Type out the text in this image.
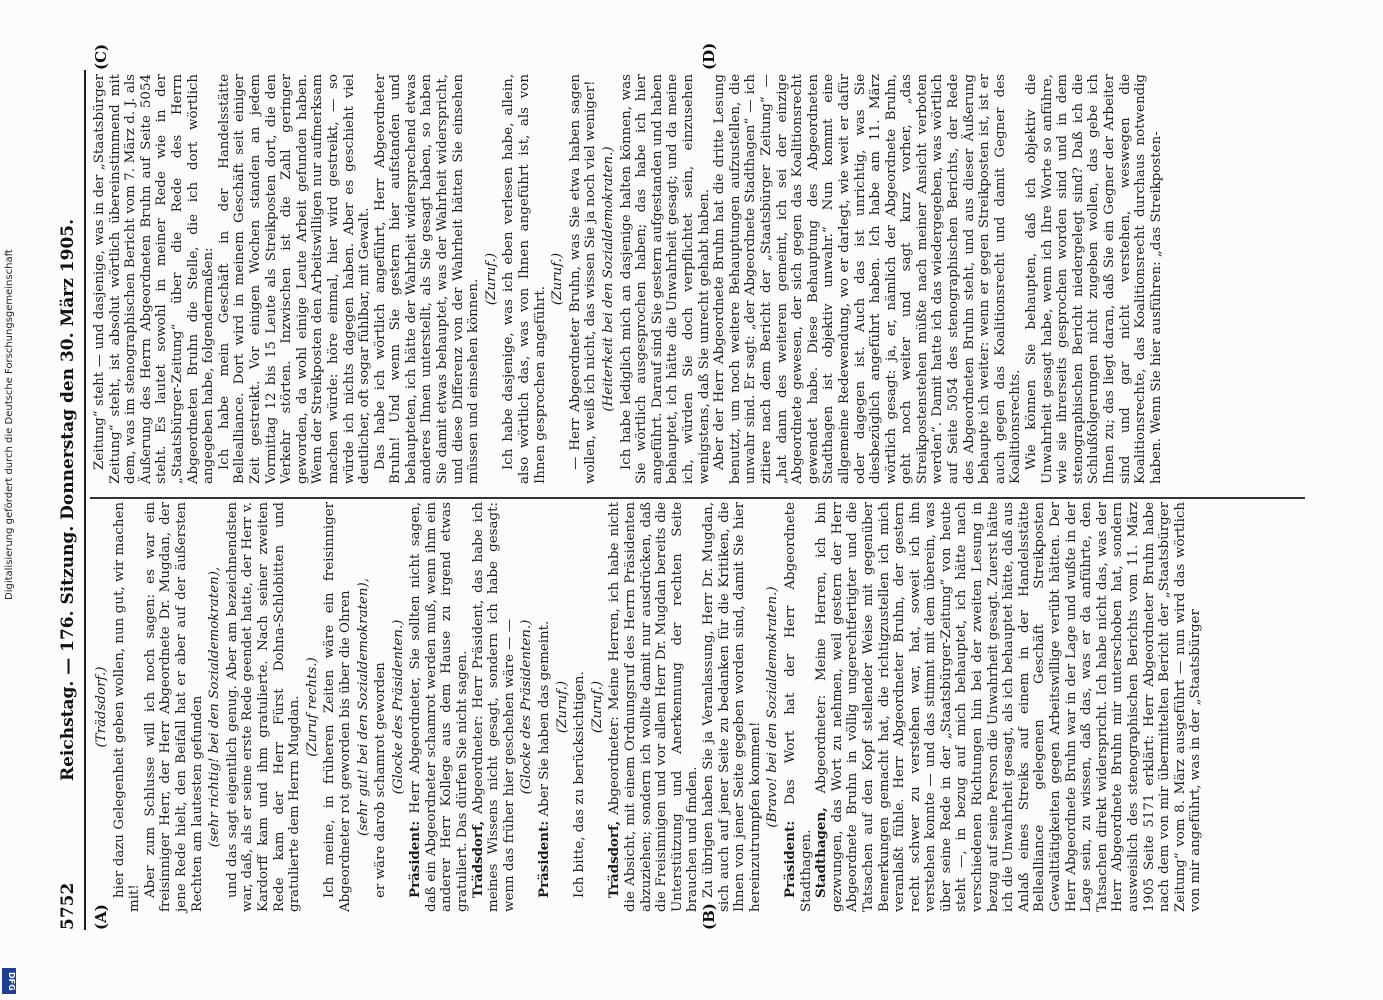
5752
Reichstag. — 176. Sitzung. Donnerstag den 30. März 1905.
(A)	(B)
(C)	(D)

(Trädsdorf.) hier dazu Gelegenheit geben wollen, nun gut, wir machen mit!

Aber zum Schlusse will ich noch sagen: es war ein freisinniger Herr, der Herr Abgeordnete Dr. Mugdan, der jene Rede hielt, den Beifall hat er aber auf der äußersten Rechten am lautesten gefunden (sehr richtig! bei den Sozialdemokraten), und das sagt eigentlich genug. Aber am bezeichnendsten war, daß, als er seine erste Rede geendet hatte, der Herr v. Kardorff kam und ihm gratulierte. Nach seiner zweiten Rede kam der Herr Fürst Dohna-Schlobitten und gratulierte dem Herrn Mugdan. (Zuruf rechts.) Ich meine, in früheren Zeiten wäre ein freisinniger Abgeordneter rot geworden bis über die Ohren (sehr gut! bei den Sozialdemokraten), er wäre darob schamrot geworden (Glocke des Präsidenten.)

Präsident: Herr Abgeordneter, Sie sollten nicht sagen, daß ein Abgeordneter schamrot werden muß, wenn ihm ein anderer Herr Kollege aus dem Hause zu irgend etwas gratuliert. Das dürfen Sie nicht sagen. Trädsdorf, Abgeordneter: Herr Präsident, das habe ich meines Wissens nicht gesagt, sondern ich habe gesagt: wenn das früher hier geschehen wäre — — (Glocke des Präsidenten.)

Präsident: Aber Sie haben das gemeint. (Zuruf.) Ich bitte, das zu berücksichtigen. (Zuruf.)

Trädsdorf, Abgeordneter: Meine Herren, ich habe nicht die Absicht, mit einem Ordnungsruf des Herrn Präsidenten abzuziehen; sondern ich wollte damit nur ausdrücken, daß die Freisinnigen und vor allem Herr Dr. Mugdan bereits die Unterstützung und Anerkennung der rechten Seite brauchen und finden. Zu übrigen haben Sie ja Veranlassung, Herr Dr. Mugdan, sich auch auf jener Seite zu bedanken für die Kritiken, die Ihnen von jener Seite gegeben worden sind, damit Sie hier hereinzutrumpfen kommen! (Bravo! bei den Sozialdemokraten.)

Präsident: Das Wort hat der Herr Abgeordnete Stadthagen. Stadthagen, Abgeordneter: Meine Herren, ich bin gezwungen, das Wort zu nehmen, weil gestern der Herr Abgeordnete Bruhn in völlig ungerechtfertigter und die Tatsachen auf den Kopf stellender Weise mit gegenüber Bemerkungen gemacht hat, die richtigzustellen ich mich veranlaßt fühle. Herr Abgeordneter Bruhn, der gestern recht schwer zu verstehen war, hat, soweit ich ihn verstehen konnte — und das stimmt mit dem überein, was über seine Rede in der „Staatsbürger-Zeitung“ von heute steht —, in bezug auf mich behauptet, ich hätte nach verschiedenen Richtungen hin bei der zweiten Lesung in bezug auf seine Person die Unwahrheit gesagt. Zuerst hätte ich die Unwahrheit gesagt, als ich behauptet hätte, daß aus Anlaß eines Streiks auf einem in der Handelsstätte Bellealliance gelegenen Geschäft Streikposten Gewalttätigkeiten gegen Arbeitswillige verübt hätten. Der Herr Abgeordnete Bruhn war in der Lage und wußte in der Lage sein, zu wissen, daß das, was er da anführte, den Tatsachen direkt widerspricht. Ich habe nicht das, was der Herr Abgeordnete Bruhn mir unterschoben hat, sondern ausweislich des stenographischen Berichts vom 11. März 1905 Seite 5171 erklärt: Herr Abgeordneter Bruhn habe nach dem von mir übermittelten Bericht der „Staatsbürger Zeitung“ vom 8. März ausgeführt — nun wird das wörtlich von mir angeführt, was in der „Staatsbürger

Zeitung“ steht — und dasjenige, was in der „Staatsbürger Zeitung“ steht, ist absolut wörtlich übereinstimmend mit dem, was im stenographischen Bericht vom 7. März d. J. als Äußerung des Herrn Abgeordneten Bruhn auf Seite 5054 steht. Es lautet sowohl in meiner Rede wie in der „Staatsbürger-Zeitung“ über die Rede des Herrn Abgeordneten Bruhn die Stelle, die ich dort wörtlich angegeben habe, folgendermaßen: Ich habe mein Geschäft in der Handelsstätte Bellealliance. Dort wird in meinem Geschäft seit einiger Zeit gestreikt. Vor einigen Wochen standen an jedem Vormittag 12 bis 15 Leute als Streikposten dort, die den Verkehr störten. Inzwischen ist die Zahl geringer geworden, da wohl einige Leute Arbeit gefunden haben. Wenn der Streikposten den Arbeitswilligen nur aufmerksam machen würde: höre einmal, hier wird gestreikt, — so würde ich nichts dagegen haben. Aber es geschieht viel deutlicher, oft sogar fühlbar, mit Gewalt. Das habe ich wörtlich angeführt, Herr Abgeordneter Bruhn! Und wenn Sie gestern hier aufstanden und behaupteten, ich hätte der Wahrheit widersprechend etwas anderes Ihnen unterstellt, als Sie gesagt haben, so haben Sie damit etwas behauptet, was der Wahrheit widerspricht, und diese Differenz von der Wahrheit hätten Sie einsehen müssen und einsehen können. (Zuruf.) Ich habe dasjenige, was ich eben verlesen habe, allein, also wörtlich das, was von Ihnen angeführt ist, als von Ihnen gesprochen angeführt.

(Zuruf.) — Herr Abgeordneter Bruhn, was Sie etwa haben sagen wollen, weiß ich nicht, das wissen Sie ja noch viel weniger! (Heiterkeit bei den Sozialdemokraten.) Ich habe lediglich mich an dasjenige halten können, was Sie wörtlich ausgesprochen haben; das habe ich hier angeführt. Darauf sind Sie gestern aufgestanden und haben behauptet, ich hätte die Unwahrheit gesagt; und da meine ich, würden Sie doch verpflichtet sein, einzusehen wenigstens, daß Sie unrecht gehabt haben. Aber der Herr Abgeordnete Bruhn hat die dritte Lesung benutzt, um noch weitere Behauptungen aufzustellen, die unwahr sind. Er sagt: „der Abgeordnete Stadthagen“ — ich zitiere nach dem Bericht der „Staatsbürger Zeitung“ — „hat dann des weiteren gemeint, ich sei der einzige Abgeordnete gewesen, der sich gegen das Koalitionsrecht gewendet habe. Diese Behauptung des Abgeordneten Stadthagen ist objektiv unwahr.“ Nun kommt eine allgemeine Redewendung, wo er darlegt, wie weit er dafür oder dagegen ist. Auch das ist unrichtig, was Sie diesbezüglich angeführt haben. Ich habe am 11. März wörtlich gesagt: ja, er, nämlich der Abgeordnete Bruhn, geht noch weiter und sagt kurz vorher, „das Streikpostenstehen müßte nach meiner Ansicht verboten werden“. Damit hatte ich das wiedergegeben, was wörtlich auf Seite 5054 des stenographischen Berichts, der Rede des Abgeordneten Bruhn steht, und aus dieser Äußerung behaupte ich weiter: wenn er gegen Streikposten ist, ist er auch gegen das Koalitionsrecht und damit Gegner des Koalitionsrechts. Wie können Sie behaupten, daß ich objektiv die Unwahrheit gesagt habe, wenn ich Ihre Worte so anführe, wie sie ihrerseits gesprochen worden sind und in dem stenographischen Bericht niedergelegt sind? Daß ich die Schlußfolgerungen nicht zugeben wollen, das gebe ich Ihnen zu; das liegt daran, daß Sie ein Gegner der Arbeiter sind und gar nicht verstehen, weswegen die Koalitionsrechte, das Koalitionsrecht durchaus notwendig haben. Wenn Sie hier ausführen: „das Streikposten-

Digitalisierung gefördert durch die Deutsche Forschungsgemeinschaft
DFG
